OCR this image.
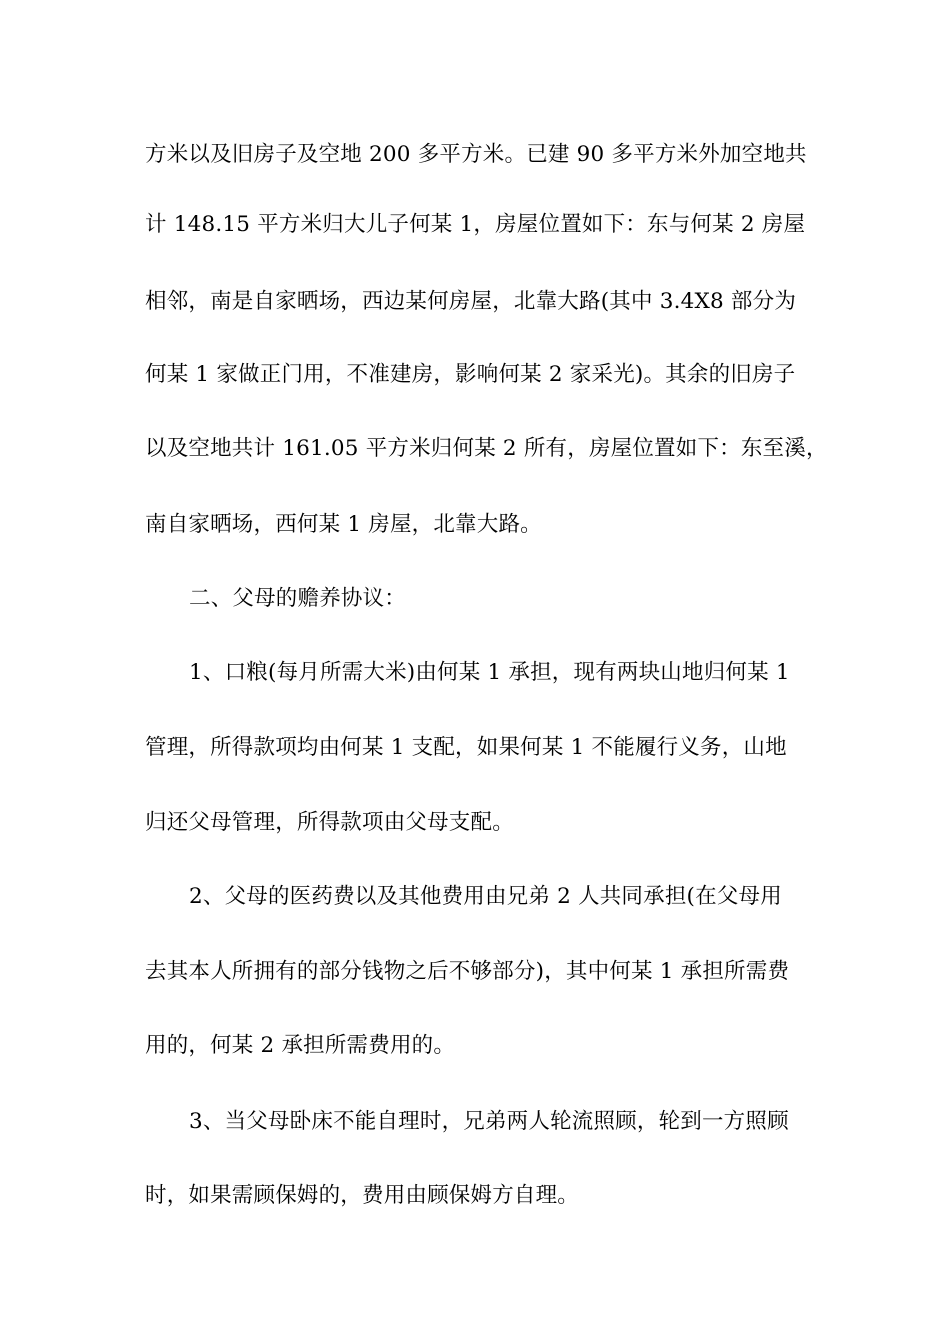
方米以及旧房子及空地 200 多平方米。已建 90 多平方米外加空地共
计 148.15 平方米归大儿子何某 1，房屋位置如下：东与何某 2 房屋
相邻，南是自家晒场，西边某何房屋，北靠大路(其中 3.4X8 部分为
何某 1 家做正门用，不准建房，影响何某 2 家采光)。其余的旧房子
以及空地共计 161.05 平方米归何某 2 所有，房屋位置如下：东至溪，
南自家晒场，西何某 1 房屋，北靠大路。
二、父母的赡养协议：
1、口粮(每月所需大米)由何某 1 承担，现有两块山地归何某 1
管理，所得款项均由何某 1 支配，如果何某 1 不能履行义务，山地
归还父母管理，所得款项由父母支配。
2、父母的医药费以及其他费用由兄弟 2 人共同承担(在父母用
去其本人所拥有的部分钱物之后不够部分)，其中何某 1 承担所需费
用的，何某 2 承担所需费用的。
3、当父母卧床不能自理时，兄弟两人轮流照顾，轮到一方照顾
时，如果需顾保姆的，费用由顾保姆方自理。
